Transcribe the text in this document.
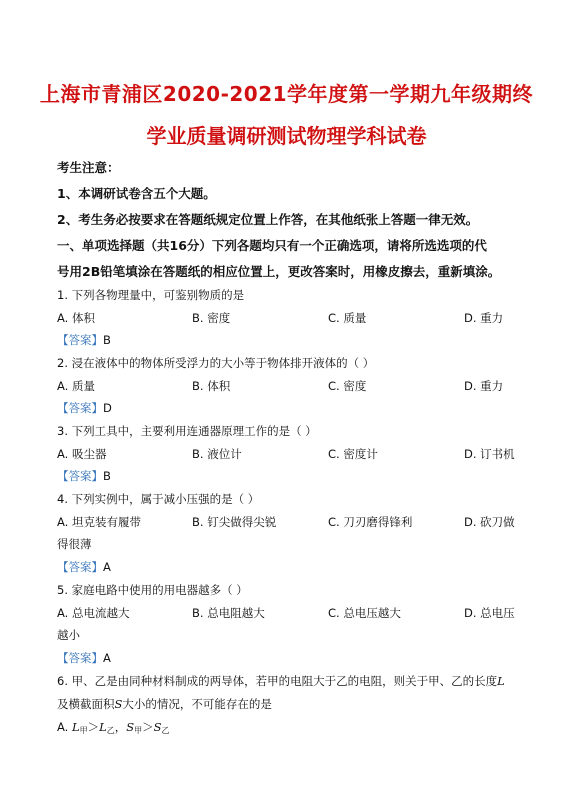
上海市青浦区2020-2021学年度第一学期九年级期终
学业质量调研测试物理学科试卷
考生注意：
1、本调研试卷含五个大题。
2、考生务必按要求在答题纸规定位置上作答，在其他纸张上答题一律无效。
一、单项选择题（共16分）下列各题均只有一个正确选项，请将所选选项的代
号用2B铅笔填涂在答题纸的相应位置上，更改答案时，用橡皮擦去，重新填涂。
1. 下列各物理量中，可鉴别物质的是
A. 体积	B. 密度	C. 质量	D. 重力
【答案】B
2. 浸在液体中的物体所受浮力的大小等于物体排开液体的（ ）
A. 质量	B. 体积	C. 密度	D. 重力
【答案】D
3. 下列工具中，主要利用连通器原理工作的是（ ）
A. 吸尘器	B. 液位计	C. 密度计	D. 订书机
【答案】B
4. 下列实例中，属于减小压强的是（ ）
A. 坦克装有履带	B. 钉尖做得尖锐	C. 刀刃磨得锋利	D. 砍刀做
得很薄
【答案】A
5. 家庭电路中使用的用电器越多（ ）
A. 总电流越大	B. 总电阻越大	C. 总电压越大	D. 总电压
越小
【答案】A
6. 甲、乙是由同种材料制成的两导体，若甲的电阻大于乙的电阻，则关于甲、乙的长度L
及横截面积S大小的情况，不可能存在的是
A. $L_甲>L_乙$，$S_甲>S_乙$
